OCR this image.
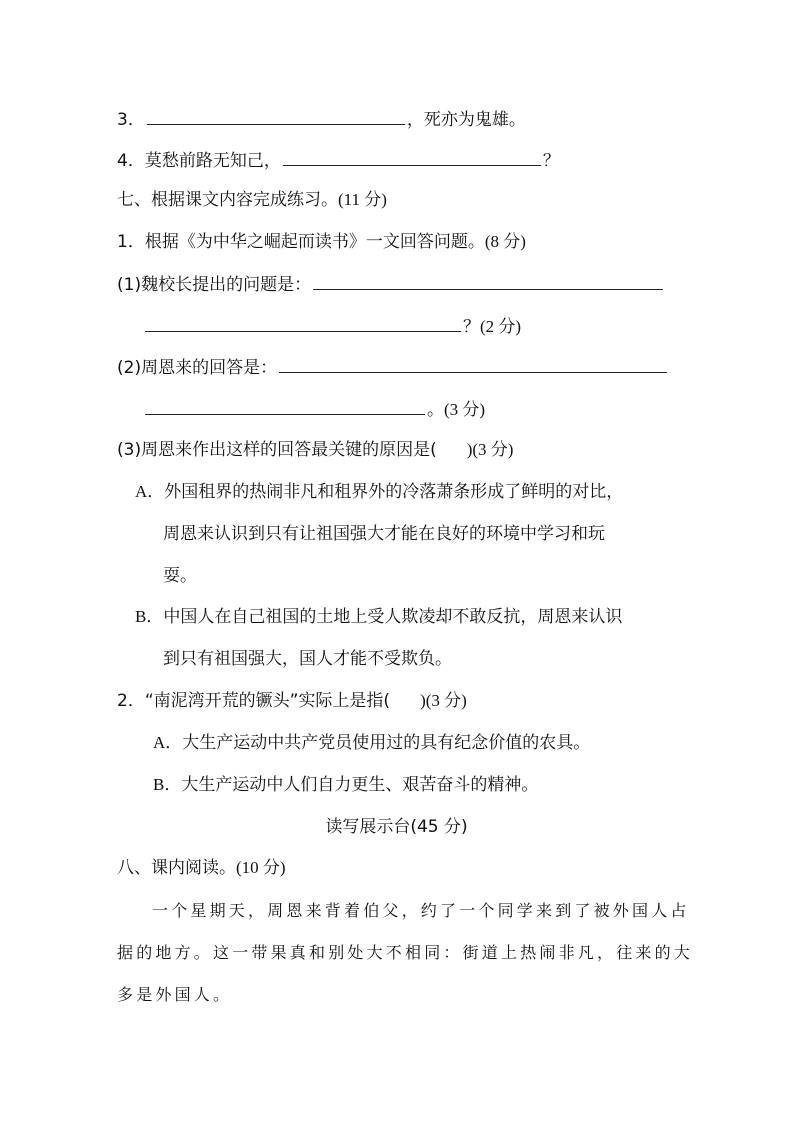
3．	，死亦为鬼雄。
4．莫愁前路无知己，	？
七、根据课文内容完成练习。(11 分)
1．根据《为中华之崛起而读书》一文回答问题。(8 分)
(1)魏校长提出的问题是：
？(2 分)
(2)周恩来的回答是：
。(3 分)
(3)周恩来作出这样的回答最关键的原因是( )(3 分)
A．外国租界的热闹非凡和租界外的冷落萧条形成了鲜明的对比，
周恩来认识到只有让祖国强大才能在良好的环境中学习和玩
耍。
B．中国人在自己祖国的土地上受人欺凌却不敢反抗，周恩来认识
到只有祖国强大，国人才能不受欺负。
2．“南泥湾开荒的镢头”实际上是指( )(3 分)
A．大生产运动中共产党员使用过的具有纪念价值的农具。
B．大生产运动中人们自力更生、艰苦奋斗的精神。
读写展示台(45 分)
八、课内阅读。(10 分)
一个星期天，周恩来背着伯父，约了一个同学来到了被外国人占
据的地方。这一带果真和别处大不相同：街道上热闹非凡，往来的大
多是外国人。
